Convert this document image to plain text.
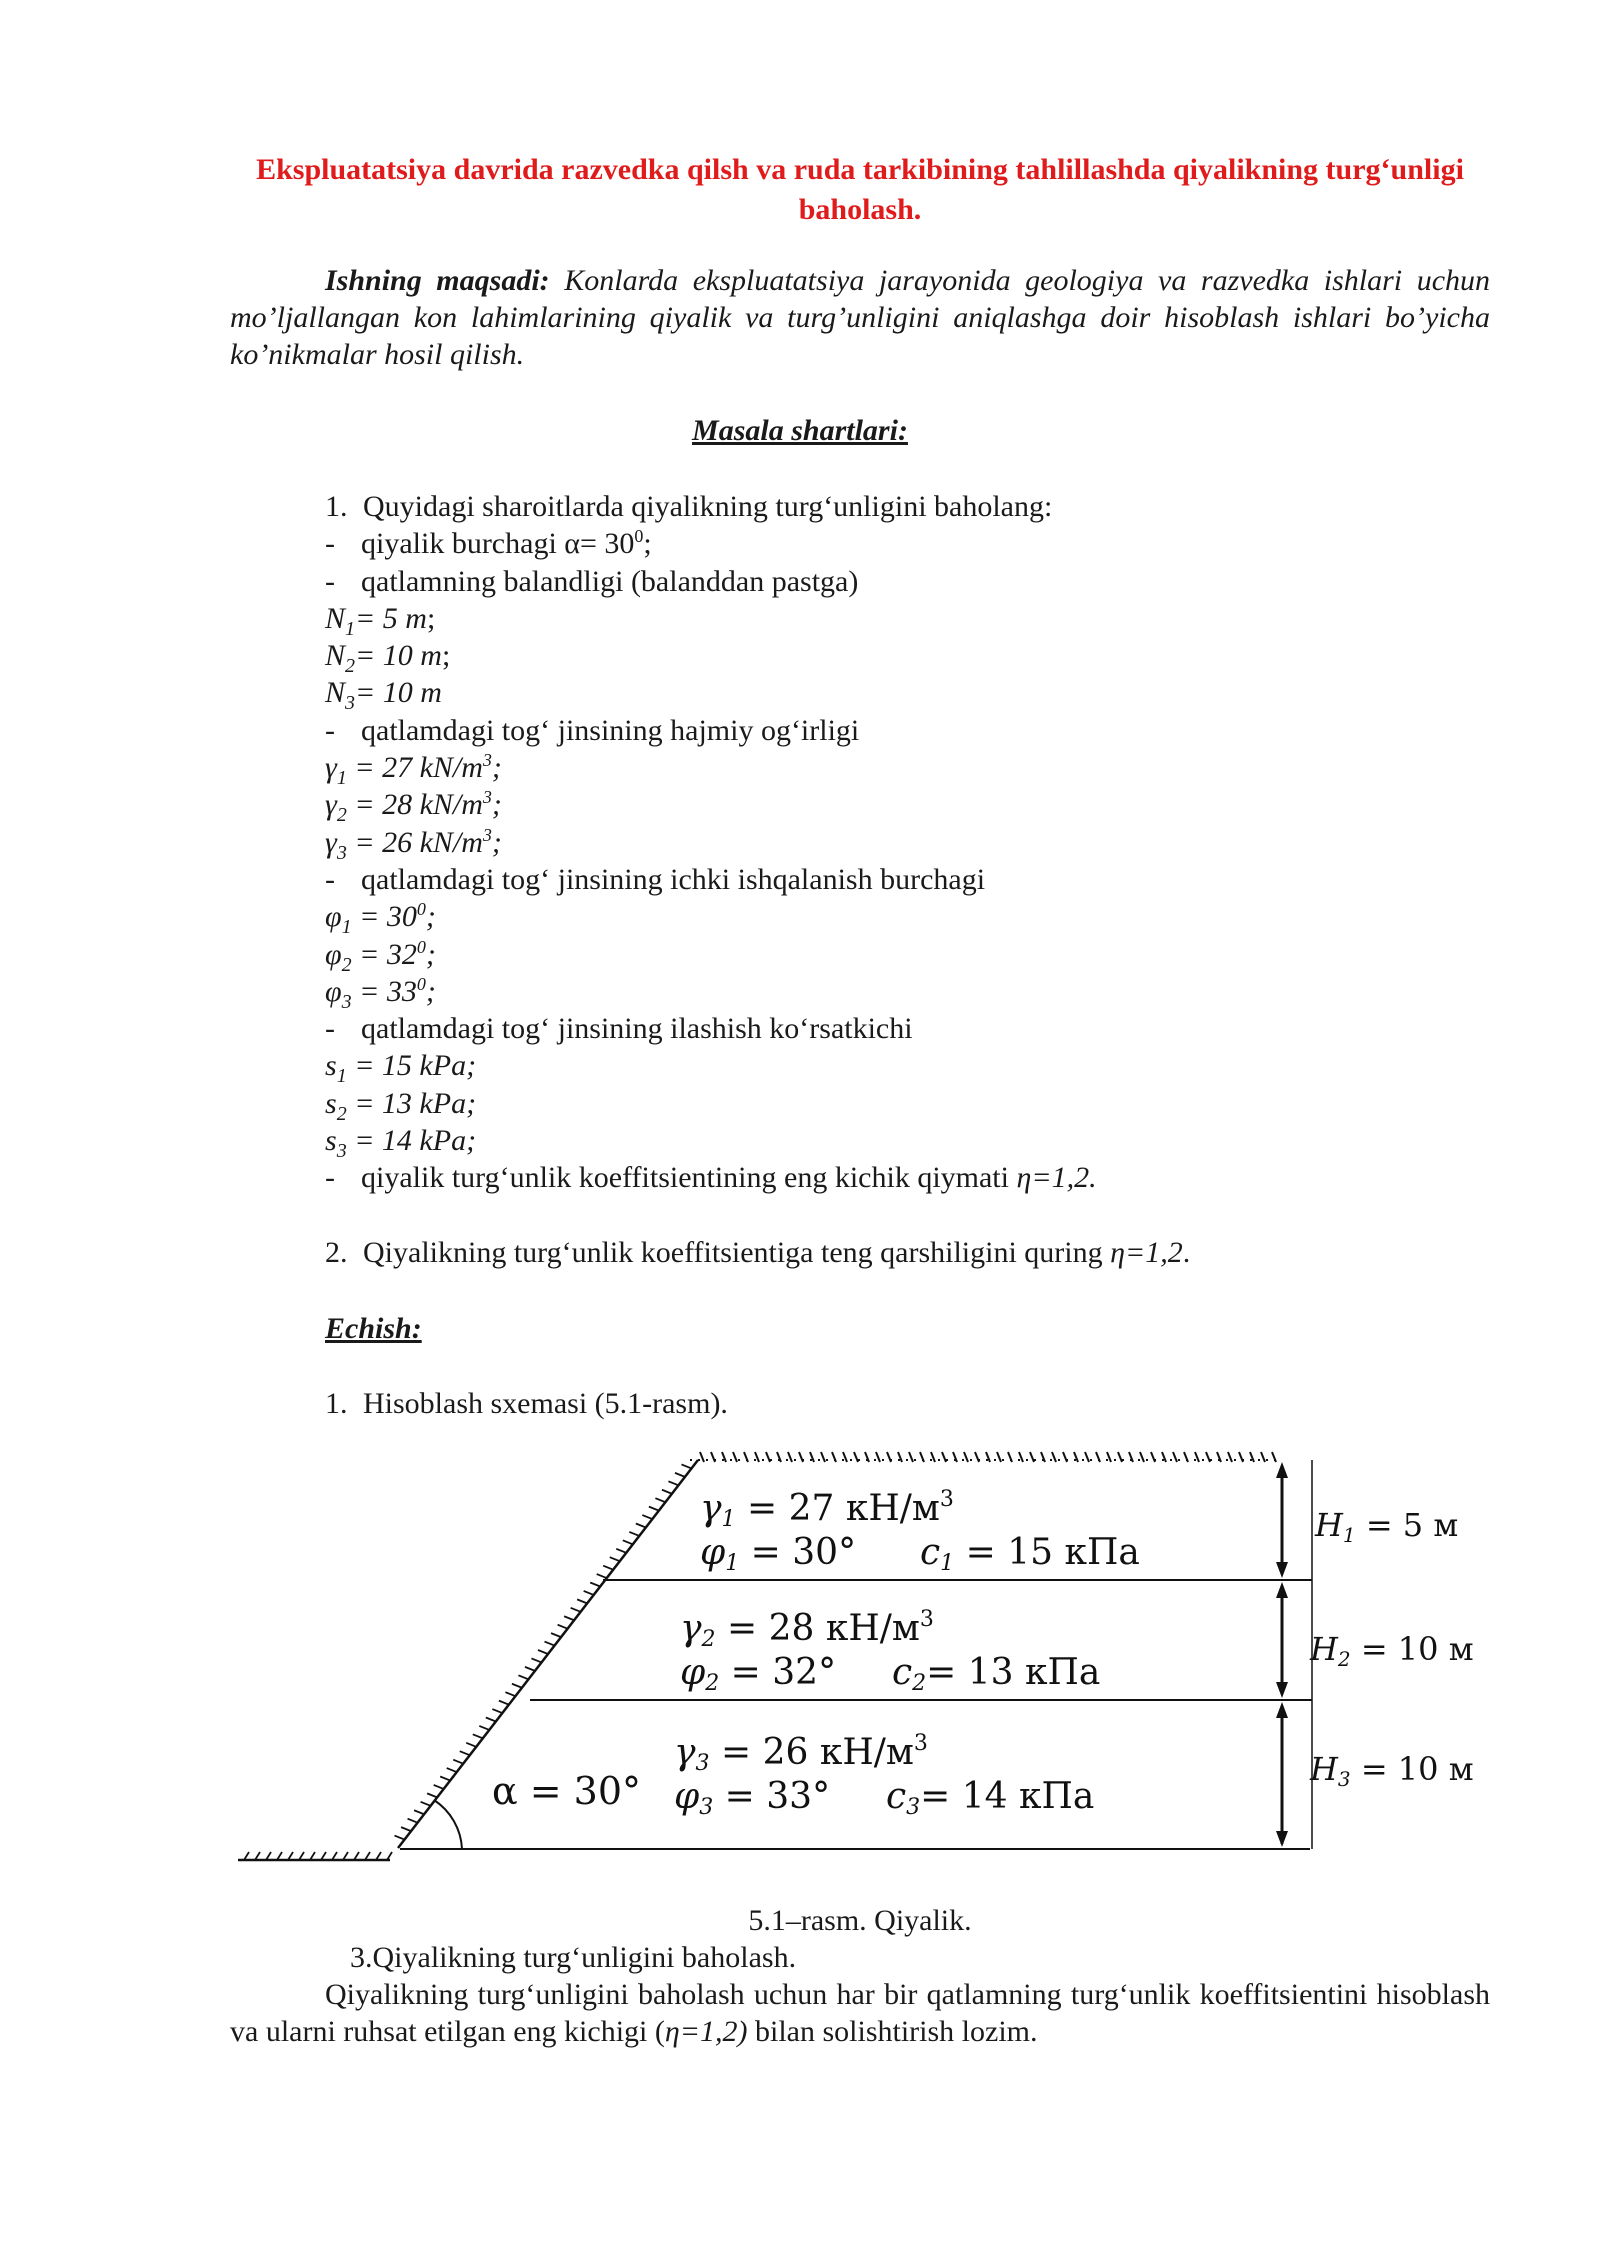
Ekspluatatsiya davrida razvedka qilsh va ruda tarkibining tahlillashda qiyalikning turg‘unligi baholash.
Ishning maqsadi: Konlarda ekspluatatsiya jarayonida geologiya va razvedka ishlari uchun mo’ljallangan kon lahimlarining qiyalik va turg’unligini aniqlashga doir hisoblash ishlari bo’yicha ko’nikmalar hosil qilish.
Masala shartlari:
1. Quyidagi sharoitlarda qiyalikning turg‘unligini baholang:
- qiyalik burchagi $\alpha= 30^0$;
- qatlamning balandligi (balanddan pastga)
$N_1= 5$ m;
$N_2= 10$ m;
$N_3= 10$ m
- qatlamdagi tog‘ jinsining hajmiy og‘irligi
$\gamma_1 = 27$ $kN/m^3$;
$\gamma_2 = 28$ $kN/m^3$;
$\gamma_3 = 26$ $kN/m^3$;
- qatlamdagi tog‘ jinsining ichki ishqalanish burchagi
$\varphi_1 = 30^0$;
$\varphi_2 = 32^0$;
$\varphi_3 = 33^0$;
- qatlamdagi tog‘ jinsining ilashish ko‘rsatkichi
$s_1 = 15$ kPa;
$s_2 = 13$ kPa;
$s_3 = 14$ kPa;
- qiyalik turg‘unlik koeffitsientining eng kichik qiymati η=1,2.
2. Qiyalikning turg‘unlik koeffitsientiga teng qarshiligini quring η=1,2.
Echish:
1. Hisoblash sxemasi (5.1-rasm).
γ1 = 27 $кН/м^3$
φ1 = 30° c1 = 15 кПа
γ2 = 28 $кН/м^3$
φ2 = 32° c2= 13 кПа
γ3 = 26 $кН/м^3$
φ3 = 33° c3= 14 кПа
α = 30°
H1 = 5 м
H2 = 10 м
H3 = 10 м
5.1–rasm. Qiyalik.
3.Qiyalikning turg‘unligini baholash.
Qiyalikning turg‘unligini baholash uchun har bir qatlamning turg‘unlik koeffitsientini hisoblash va ularni ruhsat etilgan eng kichigi (η=1,2) bilan solishtirish lozim.
